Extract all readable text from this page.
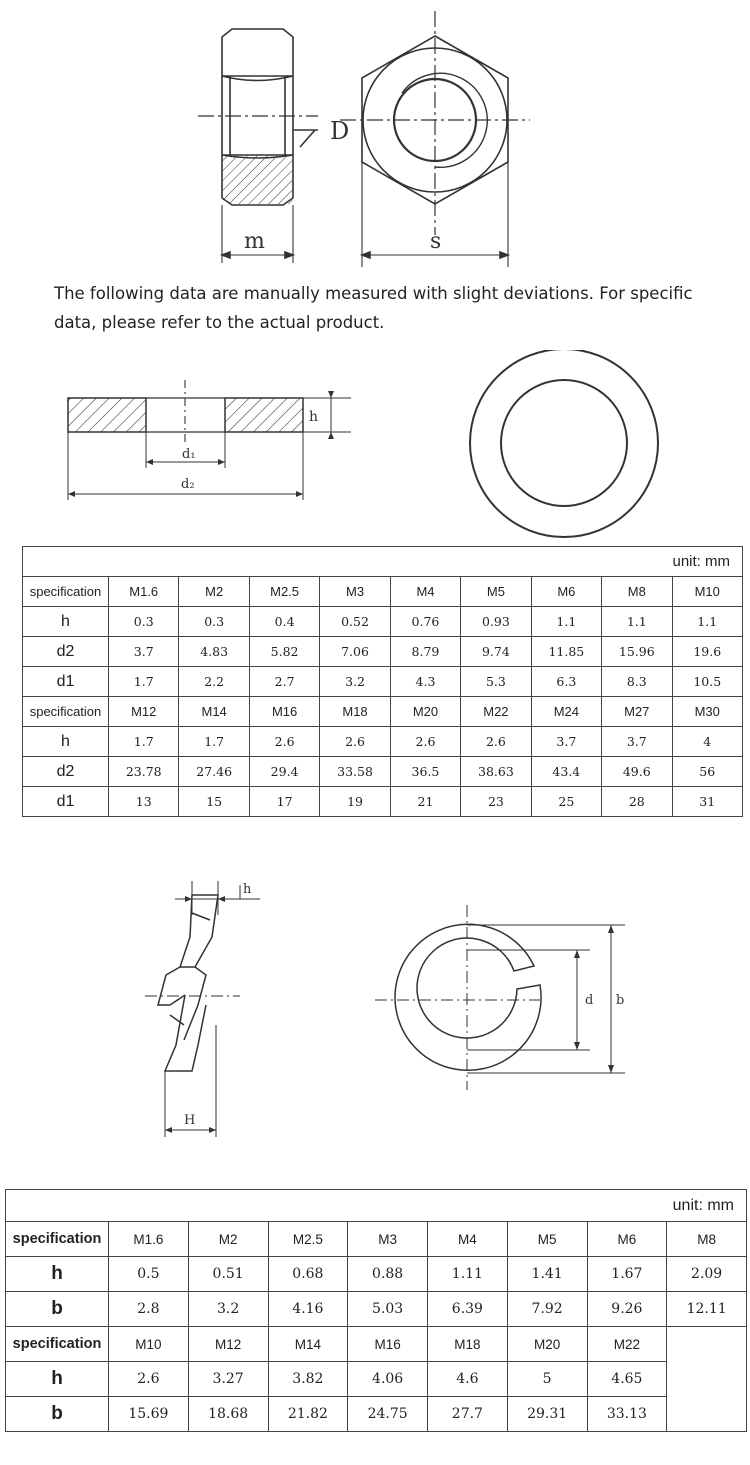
D
m	s
The following data are manually measured with slight deviations. For specific data, please refer to the actual product.
h
d₁
d₂
unit: mm									
specification	M1.6	M2	M2.5	M3	M4	M5	M6	M8	M10
h	0.3	0.3	0.4	0.52	0.76	0.93	1.1	1.1	1.1
d2	3.7	4.83	5.82	7.06	8.79	9.74	11.85	15.96	19.6
d1	1.7	2.2	2.7	3.2	4.3	5.3	6.3	8.3	10.5
specification	M12	M14	M16	M18	M20	M22	M24	M27	M30
h	1.7	1.7	2.6	2.6	2.6	2.6	3.7	3.7	4
d2	23.78	27.46	29.4	33.58	36.5	38.63	43.4	49.6	56
d1	13	15	17	19	21	23	25	28	31
h
H
d b
unit: mm								
specification	M1.6	M2	M2.5	M3	M4	M5	M6	M8
h	0.5	0.51	0.68	0.88	1.11	1.41	1.67	2.09
b	2.8	3.2	4.16	5.03	6.39	7.92	9.26	12.11
specification	M10	M12	M14	M16	M18	M20	M22	
h	2.6	3.27	3.82	4.06	4.6	5	4.65	
b	15.69	18.68	21.82	24.75	27.7	29.31	33.13	
